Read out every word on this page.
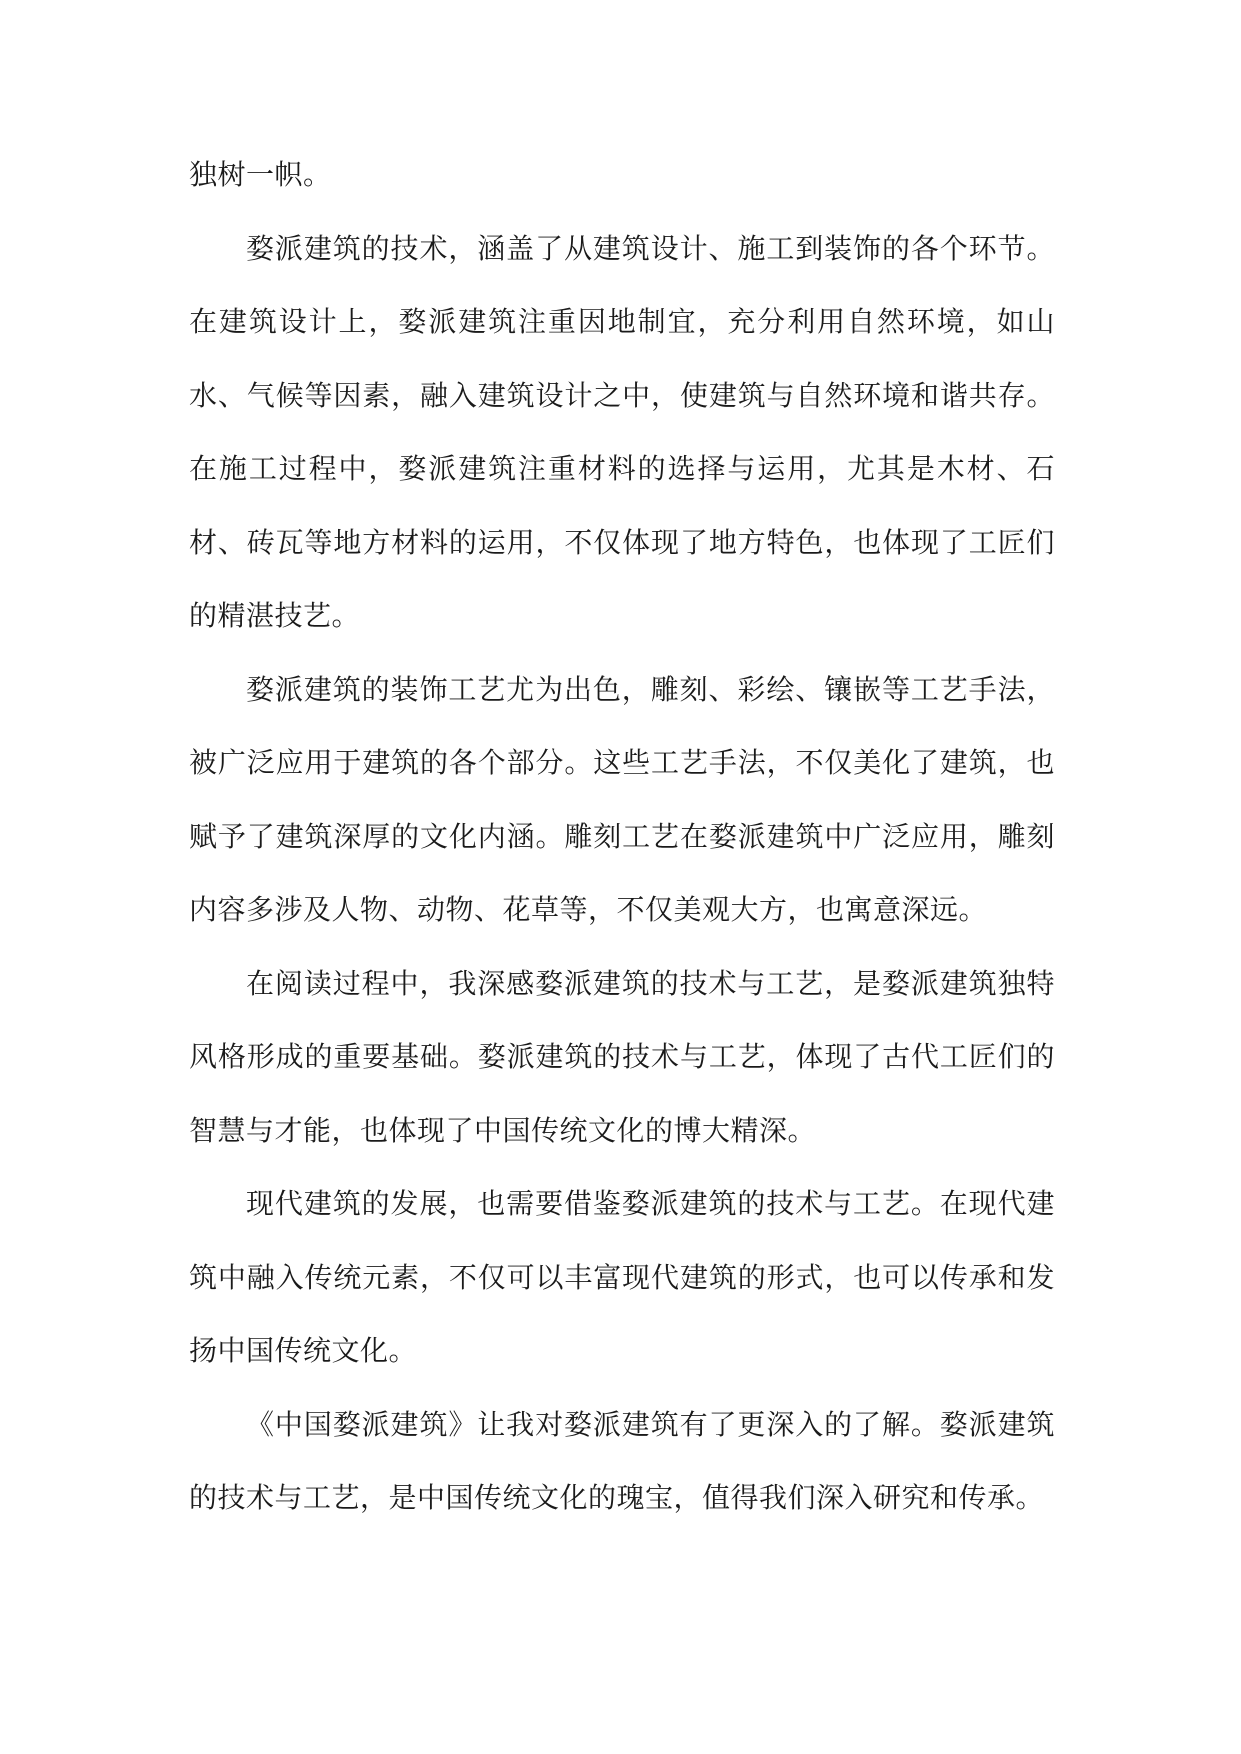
独树一帜。

婺派建筑的技术，涵盖了从建筑设计、施工到装饰的各个环节。在建筑设计上，婺派建筑注重因地制宜，充分利用自然环境，如山水、气候等因素，融入建筑设计之中，使建筑与自然环境和谐共存。在施工过程中，婺派建筑注重材料的选择与运用，尤其是木材、石材、砖瓦等地方材料的运用，不仅体现了地方特色，也体现了工匠们的精湛技艺。

婺派建筑的装饰工艺尤为出色，雕刻、彩绘、镶嵌等工艺手法，被广泛应用于建筑的各个部分。这些工艺手法，不仅美化了建筑，也赋予了建筑深厚的文化内涵。雕刻工艺在婺派建筑中广泛应用，雕刻内容多涉及人物、动物、花草等，不仅美观大方，也寓意深远。

在阅读过程中，我深感婺派建筑的技术与工艺，是婺派建筑独特风格形成的重要基础。婺派建筑的技术与工艺，体现了古代工匠们的智慧与才能，也体现了中国传统文化的博大精深。

现代建筑的发展，也需要借鉴婺派建筑的技术与工艺。在现代建筑中融入传统元素，不仅可以丰富现代建筑的形式，也可以传承和发扬中国传统文化。

《中国婺派建筑》让我对婺派建筑有了更深入的了解。婺派建筑的技术与工艺，是中国传统文化的瑰宝，值得我们深入研究和传承。
